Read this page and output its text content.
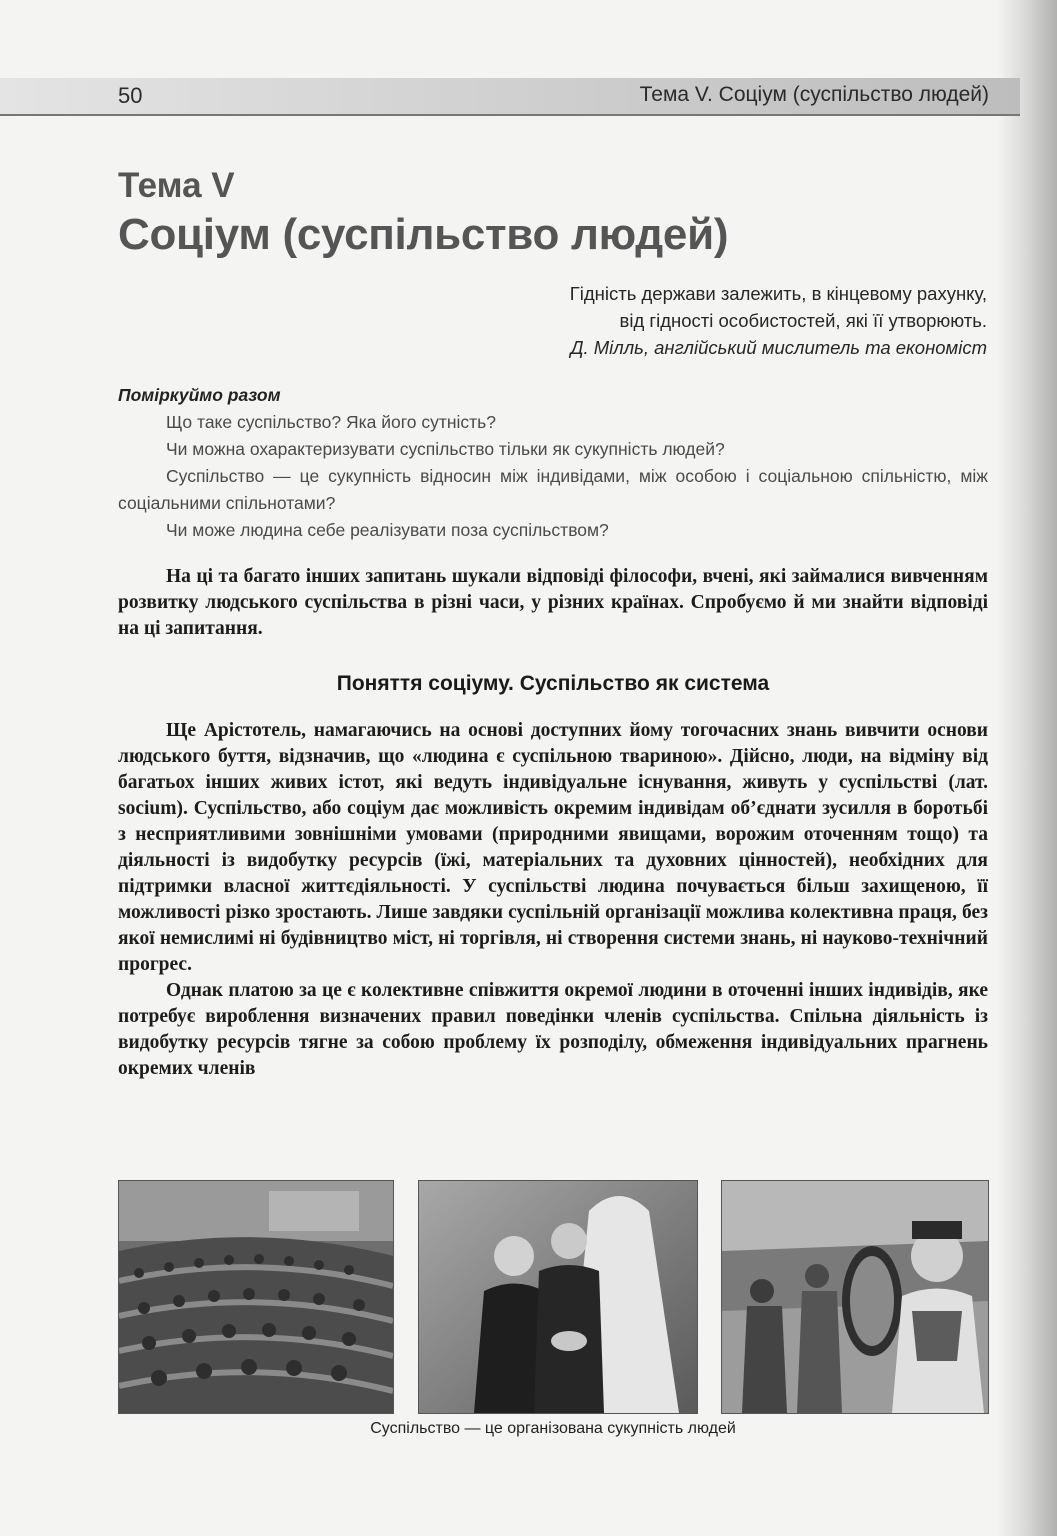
50	Тема V. Соціум (суспільство людей)
Тема V
Соціум (суспільство людей)
Гідність держави залежить, в кінцевому рахунку,
від гідності особистостей, які її утворюють.
Д. Мілль, англійський мислитель та економіст
Поміркуймо разом

Що таке суспільство? Яка його сутність?

Чи можна охарактеризувати суспільство тільки як сукупність людей?

Суспільство — це сукупність відносин між індивідами, між особою і соціальною спільністю, між соціальними спільнотами?

Чи може людина себе реалізувати поза суспільством?

На ці та багато інших запитань шукали відповіді філософи, вчені, які займалися вивченням розвитку людського суспільства в різні часи, у різних країнах. Спробуємо й ми знайти відповіді на ці запитання.

Поняття соціуму. Суспільство як система

Ще Арістотель, намагаючись на основі доступних йому тогочасних знань вивчити основи людського буття, відзначив, що «людина є суспільною твариною». Дійсно, люди, на відміну від багатьох інших живих істот, які ведуть індивідуальне існування, живуть у суспільстві (лат. socium). Суспільство, або соціум дає можливість окремим індивідам об’єднати зусилля в боротьбі з несприятливими зовнішніми умовами (природними явищами, ворожим оточенням тощо) та діяльності із видобутку ресурсів (їжі, матеріальних та духовних цінностей), необхідних для підтримки власної життєдіяльності. У суспільстві людина почувається більш захищеною, її можливості різко зростають. Лише завдяки суспільній організації можлива колективна праця, без якої немислимі ні будівництво міст, ні торгівля, ні створення системи знань, ні науково-технічний прогрес.

Однак платою за це є колективне співжиття окремої людини в оточенні інших індивідів, яке потребує вироблення визначених правил поведінки членів суспільства. Спільна діяльність із видобутку ресурсів тягне за собою проблему їх розподілу, обмеження індивідуальних прагнень окремих членів

Суспільство — це організована сукупність людей
